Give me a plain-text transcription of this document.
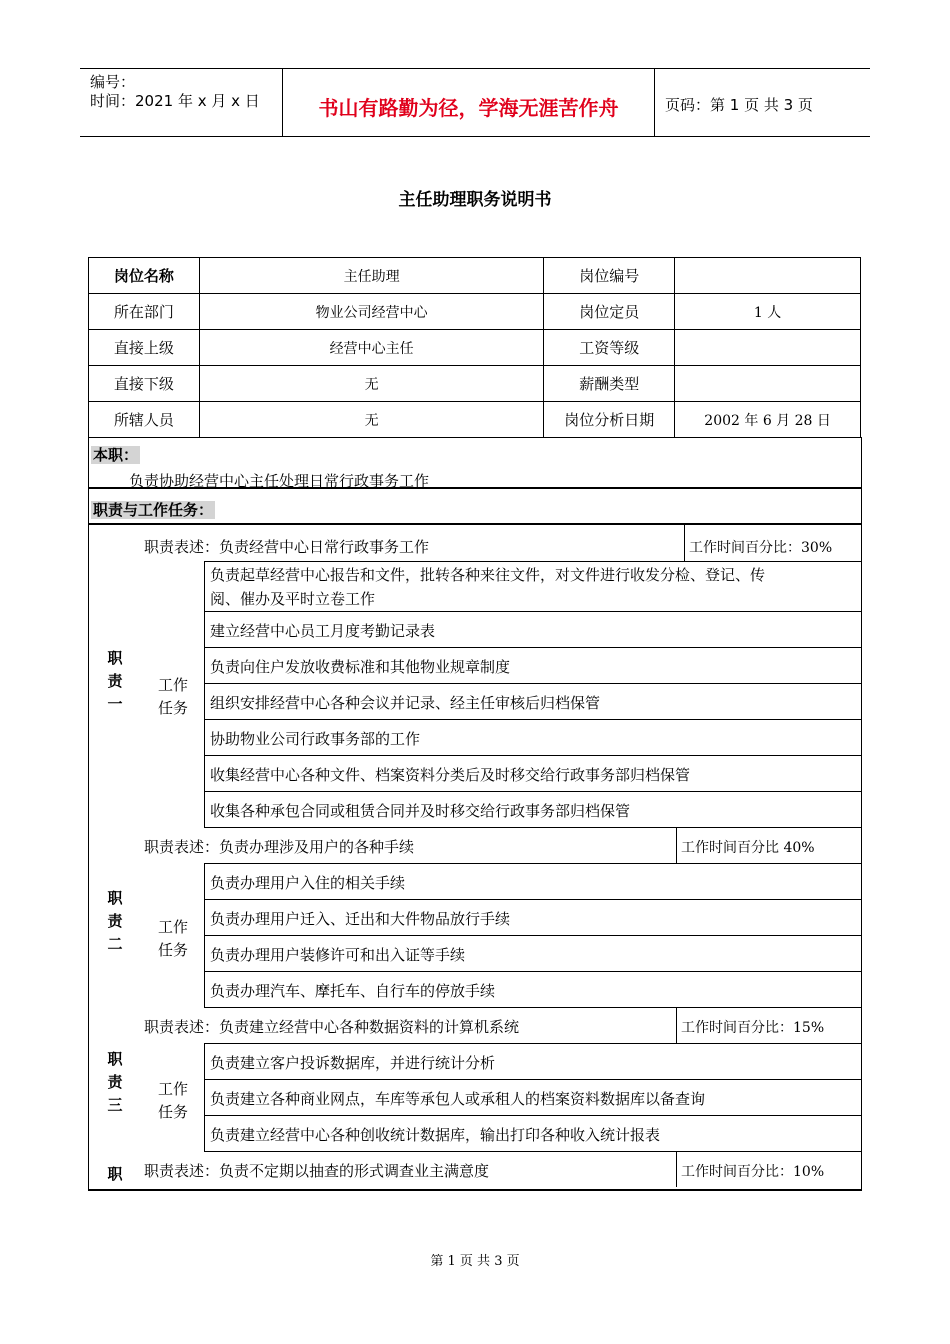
编号：
时间：2021 年 x 月 x 日	书山有路勤为径，学海无涯苦作舟	页码：第 1 页 共 3 页
主任助理职务说明书
岗位名称	主任助理	岗位编号	
所在部门	物业公司经营中心	岗位定员	1 人
直接上级	经营中心主任	工资等级	
直接下级	无	薪酬类型	
所辖人员	无	岗位分析日期	2002 年 6 月 28 日
本职：
负责协助经营中心主任处理日常行政事务工作
职责与工作任务：
职
责
一
工作
任务
职责表述：负责经营中心日常行政事务工作	工作时间百分比：30%
负责起草经营中心报告和文件，批转各种来往文件，对文件进行收发分检、登记、传
阅、催办及平时立卷工作
建立经营中心员工月度考勤记录表
负责向住户发放收费标准和其他物业规章制度
组织安排经营中心各种会议并记录、经主任审核后归档保管
协助物业公司行政事务部的工作
收集经营中心各种文件、档案资料分类后及时移交给行政事务部归档保管
收集各种承包合同或租赁合同并及时移交给行政事务部归档保管
职
责
二
工作
任务
职责表述：负责办理涉及用户的各种手续	工作时间百分比 40%
负责办理用户入住的相关手续
负责办理用户迁入、迁出和大件物品放行手续
负责办理用户装修许可和出入证等手续
负责办理汽车、摩托车、自行车的停放手续
职
责
三
工作
任务
职责表述：负责建立经营中心各种数据资料的计算机系统	工作时间百分比：15%
负责建立客户投诉数据库，并进行统计分析
负责建立各种商业网点，车库等承包人或承租人的档案资料数据库以备查询
负责建立经营中心各种创收统计数据库，输出打印各种收入统计报表
职 职责表述：负责不定期以抽查的形式调查业主满意度	工作时间百分比：10%
第 1 页 共 3 页
